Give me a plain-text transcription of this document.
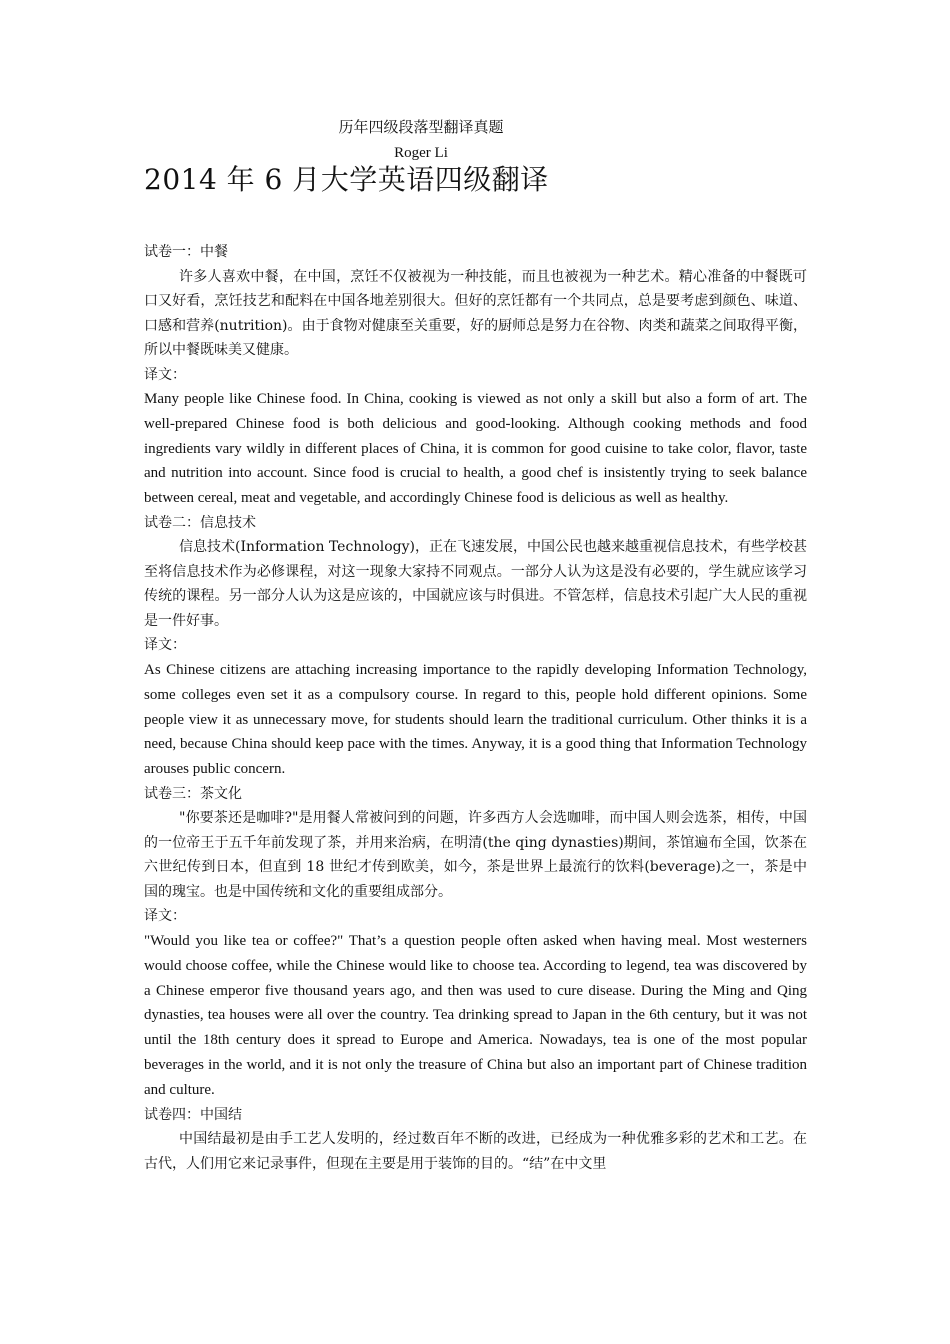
历年四级段落型翻译真题
Roger Li
2014 年 6 月大学英语四级翻译

试卷一：中餐

许多人喜欢中餐，在中国，烹饪不仅被视为一种技能，而且也被视为一种艺术。精心准备的中餐既可口又好看，烹饪技艺和配料在中国各地差别很大。但好的烹饪都有一个共同点，总是要考虑到颜色、味道、口感和营养(nutrition)。由于食物对健康至关重要，好的厨师总是努力在谷物、肉类和蔬菜之间取得平衡，所以中餐既味美又健康。

译文：

Many people like Chinese food. In China, cooking is viewed as not only a skill but also a form of art. The well-prepared Chinese food is both delicious and good-looking. Although cooking methods and food ingredients vary wildly in different places of China, it is common for good cuisine to take color, flavor, taste and nutrition into account. Since food is crucial to health, a good chef is insistently trying to seek balance between cereal, meat and vegetable, and accordingly Chinese food is delicious as well as healthy.

试卷二：信息技术

信息技术(Information Technology)，正在飞速发展，中国公民也越来越重视信息技术，有些学校甚至将信息技术作为必修课程，对这一现象大家持不同观点。一部分人认为这是没有必要的，学生就应该学习传统的课程。另一部分人认为这是应该的，中国就应该与时俱进。不管怎样，信息技术引起广大人民的重视是一件好事。

译文：

As Chinese citizens are attaching increasing importance to the rapidly developing Information Technology, some colleges even set it as a compulsory course. In regard to this, people hold different opinions. Some people view it as unnecessary move, for students should learn the traditional curriculum. Other thinks it is a need, because China should keep pace with the times. Anyway, it is a good thing that Information Technology arouses public concern.

试卷三：茶文化

"你要茶还是咖啡?"是用餐人常被问到的问题，许多西方人会选咖啡，而中国人则会选茶，相传，中国的一位帝王于五千年前发现了茶，并用来治病，在明清(the qing dynasties)期间，茶馆遍布全国，饮茶在六世纪传到日本，但直到 18 世纪才传到欧美，如今，茶是世界上最流行的饮料(beverage)之一，茶是中国的瑰宝。也是中国传统和文化的重要组成部分。

译文：

"Would you like tea or coffee?" That’s a question people often asked when having meal. Most westerners would choose coffee, while the Chinese would like to choose tea. According to legend, tea was discovered by a Chinese emperor five thousand years ago, and then was used to cure disease. During the Ming and Qing dynasties, tea houses were all over the country. Tea drinking spread to Japan in the 6th century, but it was not until the 18th century does it spread to Europe and America. Nowadays, tea is one of the most popular beverages in the world, and it is not only the treasure of China but also an important part of Chinese tradition and culture.

试卷四：中国结

中国结最初是由手工艺人发明的，经过数百年不断的改进，已经成为一种优雅多彩的艺术和工艺。在古代，人们用它来记录事件，但现在主要是用于装饰的目的。“结”在中文里
